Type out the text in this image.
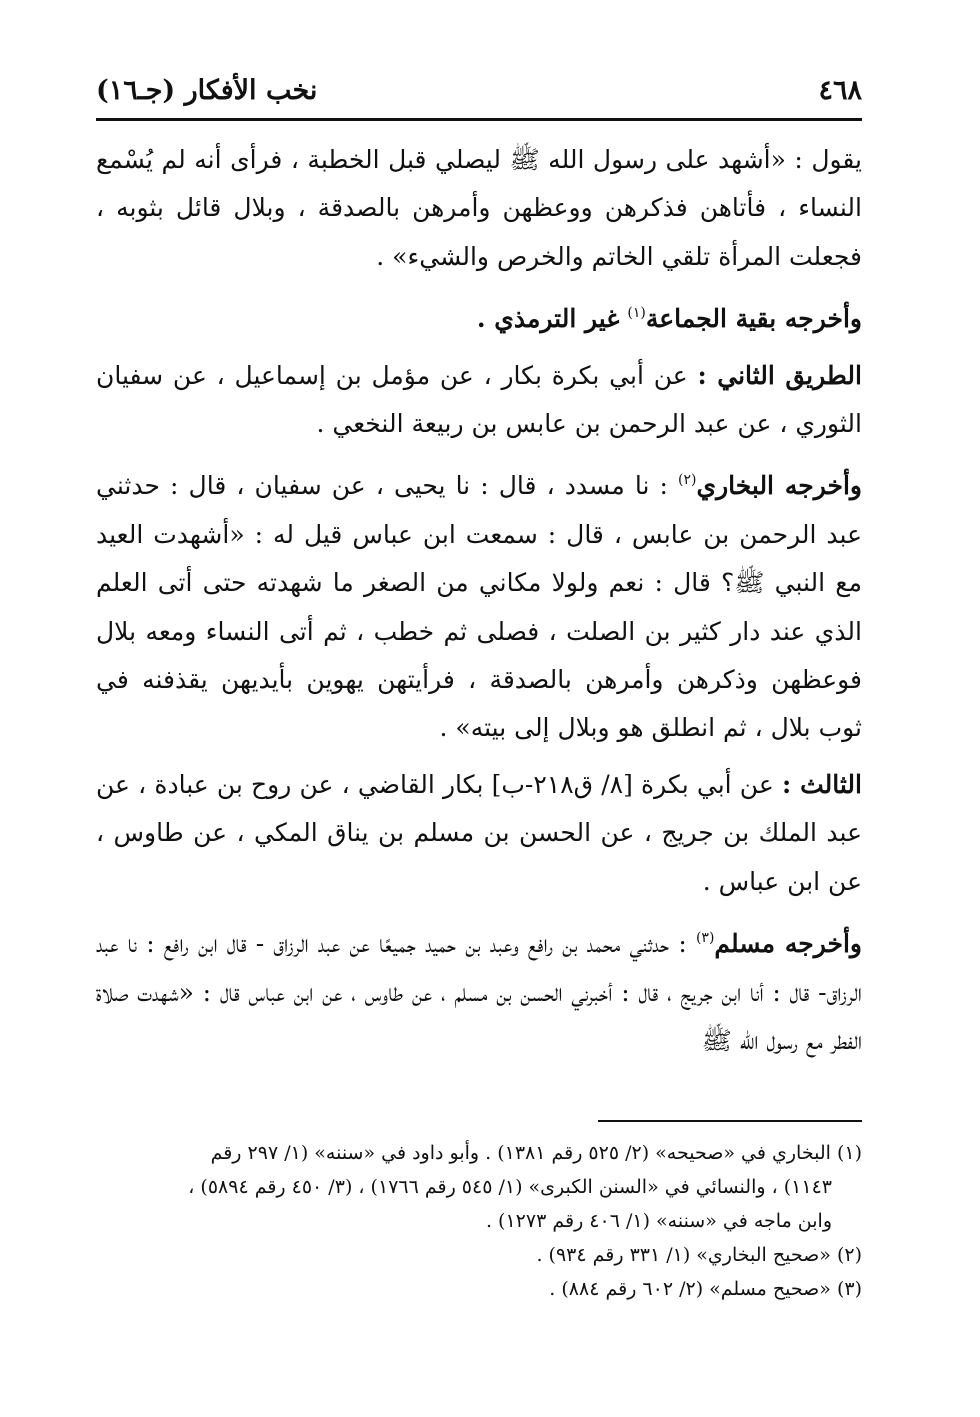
٤٦٨
نخب الأفكار (جـ١٦)

يقول : «أشهد على رسول الله ﷺ ليصلي قبل الخطبة ، فرأى أنه لم يُسْمع النساء ، فأتاهن فذكرهن ووعظهن وأمرهن بالصدقة ، وبلال قائل بثوبه ، فجعلت المرأة تلقي الخاتم والخرص والشيء» .

وأخرجه بقية الجماعة$^{(١)}$ غير الترمذي .

الطريق الثاني : عن أبي بكرة بكار ، عن مؤمل بن إسماعيل ، عن سفيان الثوري ، عن عبد الرحمن بن عابس بن ربيعة النخعي .

وأخرجه البخاري$^{(٢)}$ : نا مسدد ، قال : نا يحيى ، عن سفيان ، قال : حدثني عبد الرحمن بن عابس ، قال : سمعت ابن عباس قيل له : «أشهدت العيد مع النبي ﷺ؟ قال : نعم ولولا مكاني من الصغر ما شهدته حتى أتى العلم الذي عند دار كثير بن الصلت ، فصلى ثم خطب ، ثم أتى النساء ومعه بلال فوعظهن وذكرهن وأمرهن بالصدقة ، فرأيتهن يهوين بأيديهن يقذفنه في ثوب بلال ، ثم انطلق هو وبلال إلى بيته» .

الثالث : عن أبي بكرة [٨/ ق٢١٨-ب] بكار القاضي ، عن روح بن عبادة ، عن عبد الملك بن جريج ، عن الحسن بن مسلم بن يناق المكي ، عن طاوس ، عن ابن عباس .

وأخرجه مسلم$^{(٣)}$ : حدثني محمد بن رافع وعبد بن حميد جميعًا عن عبد الرزاق - قال ابن رافع : نا عبد الرزاق- قال : أنا ابن جريج ، قال : أخبرني الحسن بن مسلم ، عن طاوس ، عن ابن عباس قال : «شهدت صلاة الفطر مع رسول الله ﷺ

(١) البخاري في «صحيحه» (٢/ ٥٢٥ رقم ١٣٨١) . وأبو داود في «سننه» (١/ ٢٩٧ رقم

١١٤٣) ، والنسائي في «السنن الكبرى» (١/ ٥٤٥ رقم ١٧٦٦) ، (٣/ ٤٥٠ رقم ٥٨٩٤) ،

وابن ماجه في «سننه» (١/ ٤٠٦ رقم ١٢٧٣) .

(٢) «صحيح البخاري» (١/ ٣٣١ رقم ٩٣٤) .

(٣) «صحيح مسلم» (٢/ ٦٠٢ رقم ٨٨٤) .
